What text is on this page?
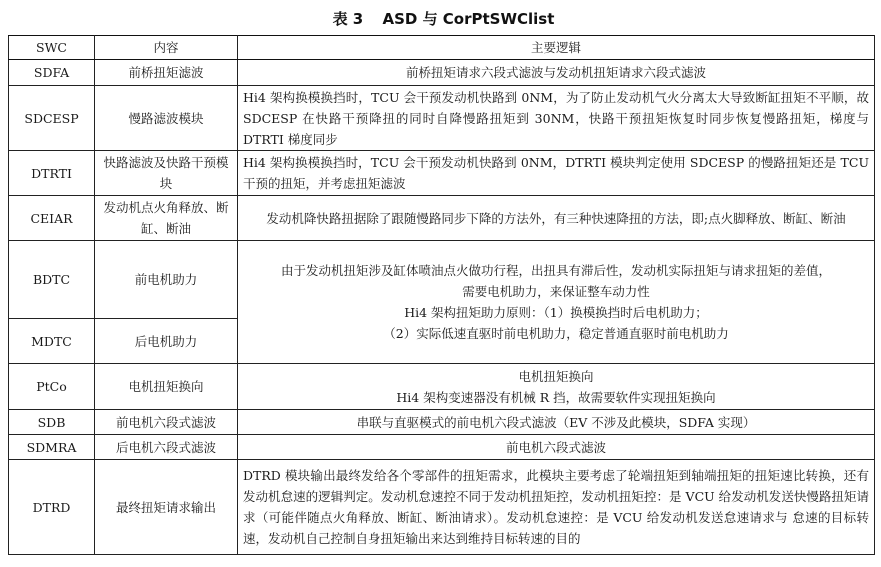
表 3 ASD 与 CorPtSWClist
SWC	内容	主要逻辑
SDFA	前桥扭矩滤波	前桥扭矩请求六段式滤波与发动机扭矩请求六段式滤波
SDCESP	慢路滤波模块	Hi4 架构换模换挡时，TCU 会干预发动机快路到 0NM，为了防止发动机气火分离太大导致断缸扭矩不平顺，故 SDCESP 在快路干预降扭的同时自降慢路扭矩到 30NM，快路干预扭矩恢复时同步恢复慢路扭矩，梯度与 DTRTI 梯度同步
DTRTI	快路滤波及快路干预模块	Hi4 架构换模换挡时，TCU 会干预发动机快路到 0NM，DTRTI 模块判定使用 SDCESP 的慢路扭矩还是 TCU 干预的扭矩，并考虑扭矩滤波
CEIAR	发动机点火角释放、断缸、断油	发动机降快路扭据除了跟随慢路同步下降的方法外，有三种快速降扭的方法，即;点火脚释放、断缸、断油
BDTC	前电机助力	由于发动机扭矩涉及缸体喷油点火做功行程，出扭具有滞后性，发动机实际扭矩与请求扭矩的差值，
需要电机助力，来保证整车动力性
Hi4 架构扭矩助力原则：（1）换模换挡时后电机助力；
（2）实际低速直驱时前电机助力，稳定普通直驱时前电机助力

MDTC	后电机助力	
PtCo	电机扭矩换向	电机扭矩换向
Hi4 架构变速器没有机械 R 挡，故需要软件实现扭矩换向

SDB	前电机六段式滤波	串联与直驱模式的前电机六段式滤波（EV 不涉及此模块，SDFA 实现）
SDMRA	后电机六段式滤波	前电机六段式滤波
DTRD	最终扭矩请求输出	DTRD 模块输出最终发给各个零部件的扭矩需求，此模块主要考虑了轮端扭矩到轴端扭矩的扭矩速比转换，还有发动机怠速的逻辑判定。发动机怠速控不同于发动机扭矩控，发动机扭矩控：是 VCU 给发动机发送快慢路扭矩请求（可能伴随点火角释放、断缸、断油请求）。发动机怠速控：是 VCU 给发动机发送怠速请求与 怠速的目标转速，发动机自己控制自身扭矩输出来达到维持目标转速的目的
